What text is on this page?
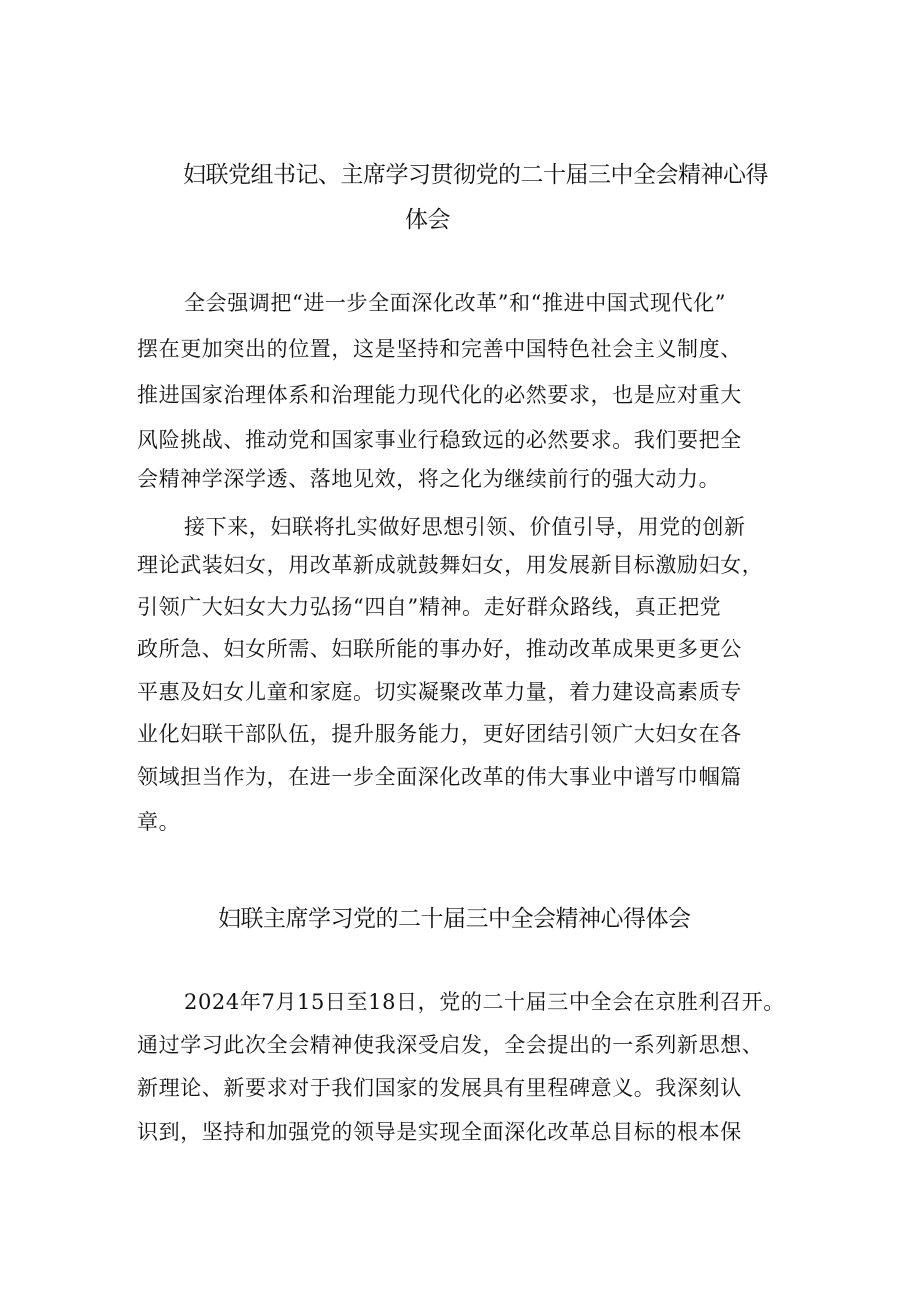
妇联党组书记、主席学习贯彻党的二十届三中全会精神心得
体会
全会强调把“进一步全面深化改革”和“推进中国式现代化”
摆在更加突出的位置，这是坚持和完善中国特色社会主义制度、
推进国家治理体系和治理能力现代化的必然要求，也是应对重大
风险挑战、推动党和国家事业行稳致远的必然要求。我们要把全
会精神学深学透、落地见效，将之化为继续前行的强大动力。
接下来，妇联将扎实做好思想引领、价值引导，用党的创新
理论武装妇女，用改革新成就鼓舞妇女，用发展新目标激励妇女，
引领广大妇女大力弘扬“四自”精神。走好群众路线，真正把党
政所急、妇女所需、妇联所能的事办好，推动改革成果更多更公
平惠及妇女儿童和家庭。切实凝聚改革力量，着力建设高素质专
业化妇联干部队伍，提升服务能力，更好团结引领广大妇女在各
领域担当作为，在进一步全面深化改革的伟大事业中谱写巾帼篇
章。
妇联主席学习党的二十届三中全会精神心得体会
2024年7月15日至18日，党的二十届三中全会在京胜利召开。
通过学习此次全会精神使我深受启发，全会提出的一系列新思想、
新理论、新要求对于我们国家的发展具有里程碑意义。我深刻认
识到，坚持和加强党的领导是实现全面深化改革总目标的根本保
